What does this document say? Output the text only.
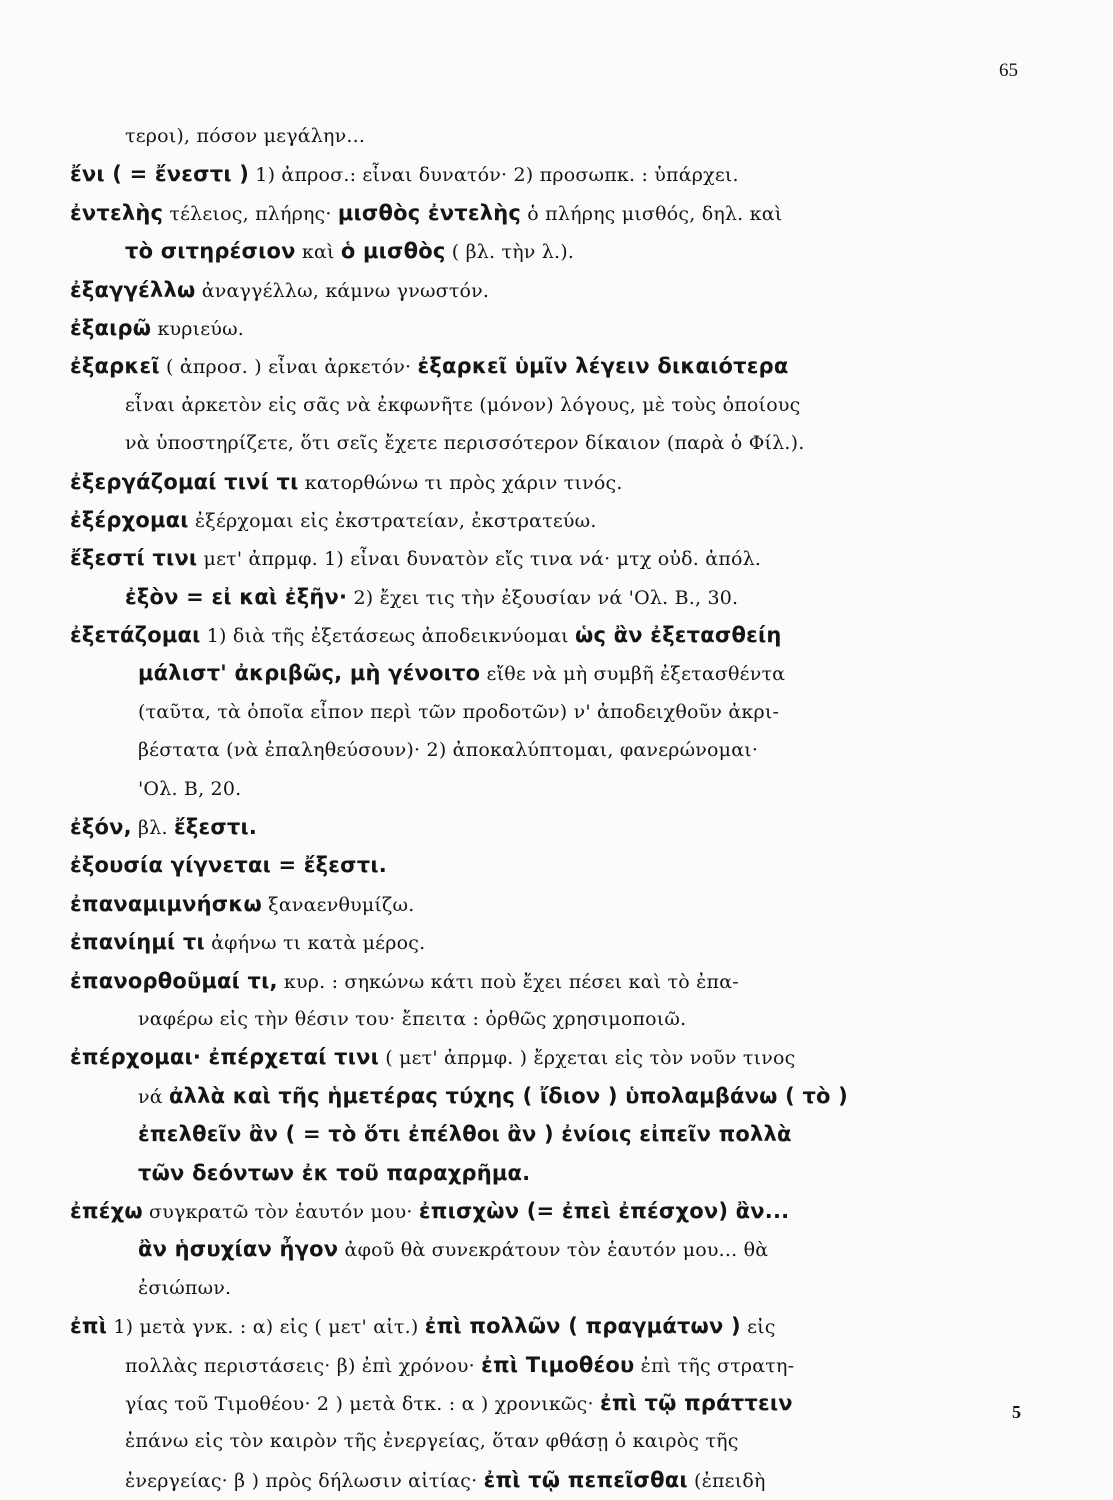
65
τεροι), πόσον μεγάλην...
ἔνι ( = ἔνεστι ) 1) ἀπροσ.: εἶναι δυνατόν· 2) προσωπκ. : ὑπάρχει.
ἐντελὴς τέλειος, πλήρης· μισθὸς ἐντελὴς ὁ πλήρης μισθός, δηλ. καὶ
τὸ σιτηρέσιον καὶ ὁ μισθὸς ( βλ. τὴν λ.).
ἐξαγγέλλω ἀναγγέλλω, κάμνω γνωστόν.
ἐξαιρῶ κυριεύω.
ἐξαρκεῖ ( ἀπροσ. ) εἶναι ἀρκετόν· ἐξαρκεῖ ὑμῖν λέγειν δικαιότερα
εἶναι ἀρκετὸν εἰς σᾶς νὰ ἐκφωνῆτε (μόνον) λόγους, μὲ τοὺς ὁποίους
νὰ ὑποστηρίζετε, ὅτι σεῖς ἔχετε περισσότερον δίκαιον (παρὰ ὁ Φίλ.).
ἐξεργάζομαί τινί τι κατορθώνω τι πρὸς χάριν τινός.
ἐξέρχομαι ἐξέρχομαι εἰς ἐκστρατείαν, ἐκστρατεύω.
ἔξεστί τινι μετ' ἀπρμφ. 1) εἶναι δυνατὸν εἴς τινα νά· μτχ οὐδ. ἀπόλ.
ἐξὸν = εἰ καὶ ἐξῆν· 2) ἔχει τις τὴν ἐξουσίαν νά 'Ολ. Β., 30.
ἐξετάζομαι 1) διὰ τῆς ἐξετάσεως ἀποδεικνύομαι ὡς ἂν ἐξετασθείη
μάλιστ' ἀκριβῶς, μὴ γένοιτο εἴθε νὰ μὴ συμβῆ ἐξετασθέντα
(ταῦτα, τὰ ὁποῖα εἶπον περὶ τῶν προδοτῶν) ν' ἀποδειχθοῦν ἀκρι-
βέστατα (νὰ ἐπαληθεύσουν)· 2) ἀποκαλύπτομαι, φανερώνομαι·
'Ολ. Β, 20.
ἐξόν, βλ. ἔξεστι.
ἐξουσία γίγνεται = ἔξεστι.
ἐπαναμιμνήσκω ξαναενθυμίζω.
ἐπανίημί τι ἀφήνω τι κατὰ μέρος.
ἐπανορθοῦμαί τι, κυρ. : σηκώνω κάτι ποὺ ἔχει πέσει καὶ τὸ ἐπα-
ναφέρω εἰς τὴν θέσιν του· ἔπειτα : ὀρθῶς χρησιμοποιῶ.
ἐπέρχομαι· ἐπέρχεταί τινι ( μετ' ἀπρμφ. ) ἔρχεται εἰς τὸν νοῦν τινος
νά ἀλλὰ καὶ τῆς ἡμετέρας τύχης ( ἴδιον ) ὑπολαμβάνω ( τὸ )
ἐπελθεῖν ἂν ( = τὸ ὅτι ἐπέλθοι ἂν ) ἐνίοις εἰπεῖν πολλὰ
τῶν δεόντων ἐκ τοῦ παραχρῆμα.
ἐπέχω συγκρατῶ τὸν ἑαυτόν μου· ἐπισχὼν (= ἐπεὶ ἐπέσχον) ἂν...
ἂν ἡσυχίαν ἦγον ἀφοῦ θὰ συνεκράτουν τὸν ἑαυτόν μου... θὰ
ἐσιώπων.
ἐπὶ 1) μετὰ γνκ. : α) εἰς ( μετ' αἰτ.) ἐπὶ πολλῶν ( πραγμάτων ) εἰς
πολλὰς περιστάσεις· β) ἐπὶ χρόνου· ἐπὶ Τιμοθέου ἐπὶ τῆς στρατη-
γίας τοῦ Τιμοθέου· 2 ) μετὰ δτκ. : α ) χρονικῶς· ἐπὶ τῷ πράττειν
ἐπάνω εἰς τὸν καιρὸν τῆς ἐνεργείας, ὅταν φθάσῃ ὁ καιρὸς τῆς
ἐνεργείας· β ) πρὸς δήλωσιν αἰτίας· ἐπὶ τῷ πεπεῖσθαι (ἐπειδὴ
5
